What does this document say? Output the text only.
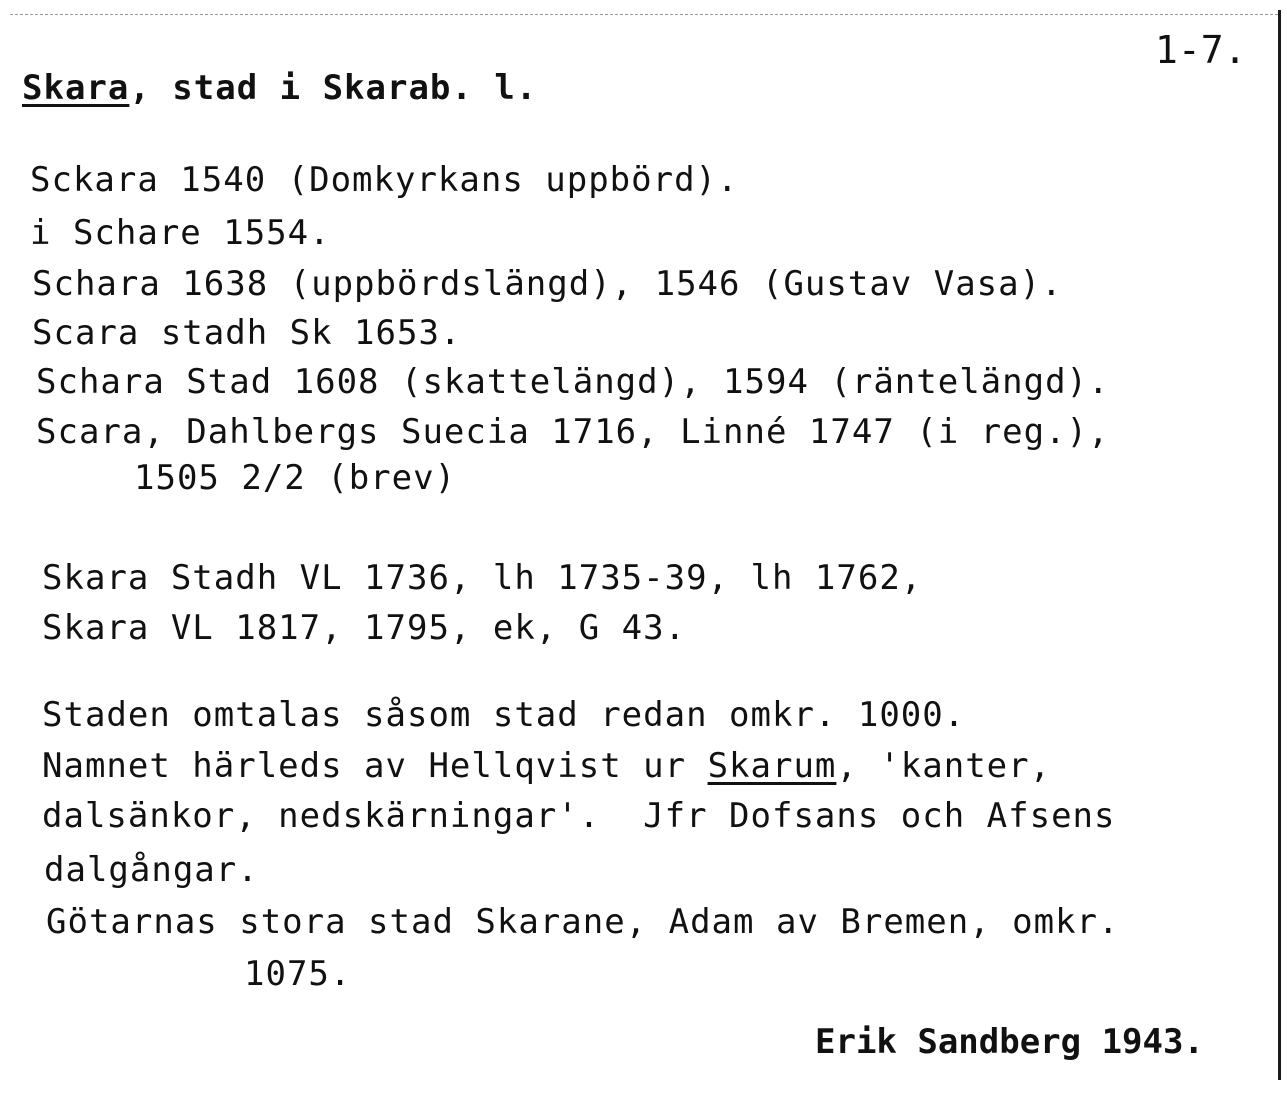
1-7.
Skara, stad i Skarab. l.
Sckara 1540 (Domkyrkans uppbörd).
i Schare 1554.
Schara 1638 (uppbördslängd), 1546 (Gustav Vasa).
Scara stadh Sk 1653.
Schara Stad 1608 (skattelängd), 1594 (räntelängd).
Scara, Dahlbergs Suecia 1716, Linné 1747 (i reg.),
1505 2/2 (brev)
Skara Stadh VL 1736, lh 1735-39, lh 1762,
Skara VL 1817, 1795, ek, G 43.
Staden omtalas såsom stad redan omkr. 1000.
Namnet härleds av Hellqvist ur Skarum, 'kanter,
dalsänkor, nedskärningar'.  Jfr Dofsans och Afsens
dalgångar.
Götarnas stora stad Skarane, Adam av Bremen, omkr.
1075.
Erik Sandberg 1943.
